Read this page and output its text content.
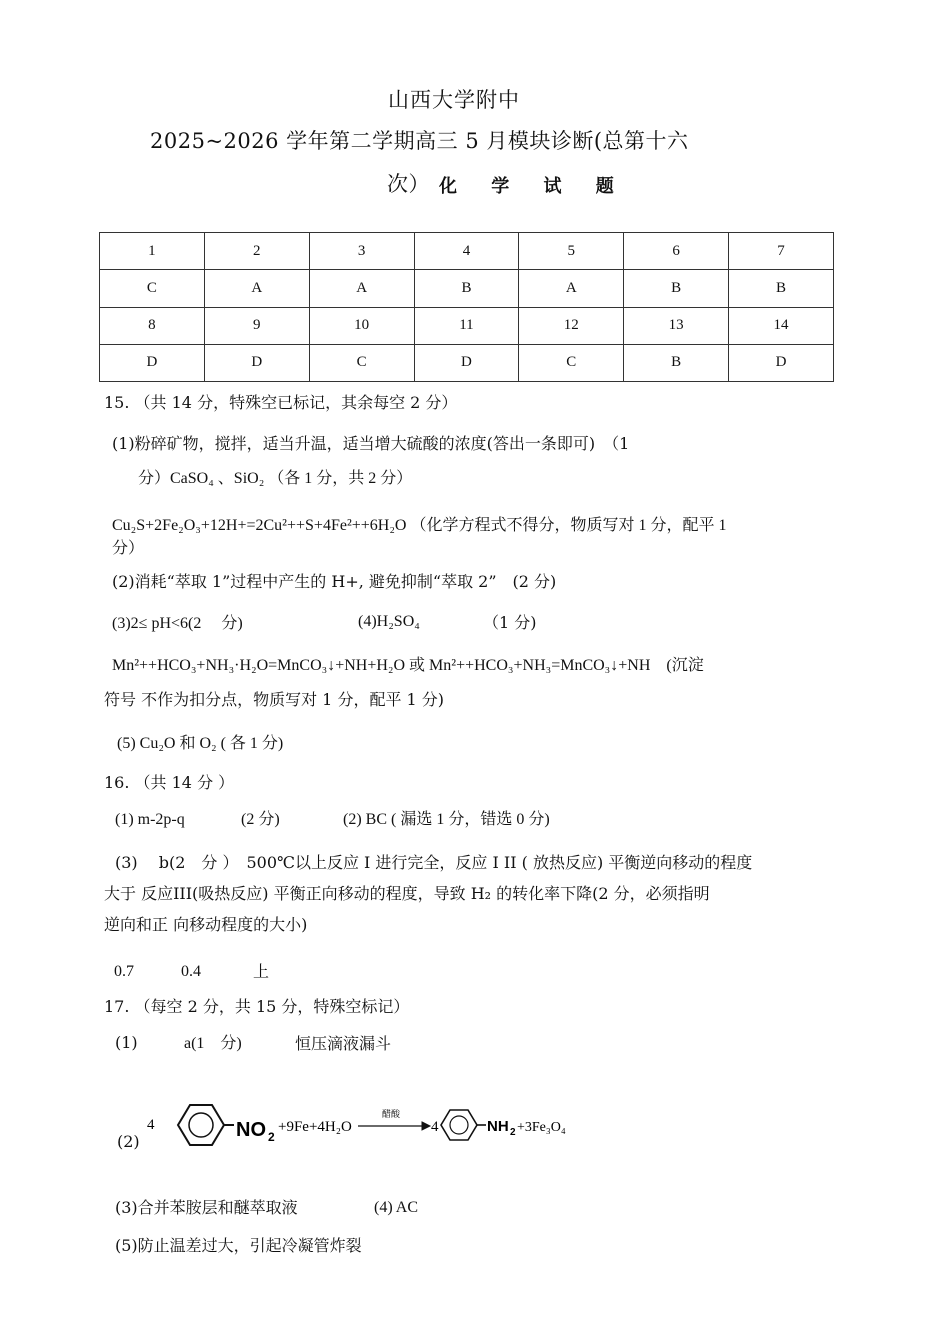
山西大学附中
2025~2026 学年第二学期高三 5 月模块诊断(总第十六
次） 化 学 试 题
1	2	3	4	5	6	7
C	A	A	B	A	B	B
8	9	10	11	12	13	14
D	D	C	D	C	B	D
15. （共 14 分，特殊空已标记，其余每空 2 分）
(1)粉碎矿物，搅拌，适当升温，适当增大硫酸的浓度(答出一条即可)　（1
分）CaSO₄ 、SiO₂ （各 1 分，共 2 分）
Cu₂S+2Fe₂O₃+12H+=2Cu²++S+4Fe²++6H₂O （化学方程式不得分，物质写对 1 分，配平 1
分）
(2)消耗“萃取 1”过程中产生的 H+, 避免抑制“萃取 2”　(2 分)
(3)2≤ pH<6(2　 分)	(4)H₂SO₄	（1 分)
Mn²++HCO₃+NH₃·H₂O=MnCO₃↓+NH+H₂O 或 Mn²++HCO₃+NH₃=MnCO₃↓+NH　(沉淀
符号 不作为扣分点，物质写对 1 分，配平 1 分)
(5) Cu₂O 和 O₂ ( 各 1 分)
16. （共 14 分 ）
(1) m-2p-q	(2 分)	(2) BC ( 漏选 1 分，错选 0 分)
(3)　 b(2　分 ）　500℃以上反应 I 进行完全，反应 I II ( 放热反应) 平衡逆向移动的程度
大于 反应III(吸热反应) 平衡正向移动的程度，导致 H₂ 的转化率下降(2 分，必须指明
逆向和正 向移动程度的大小)
0.7	0.4	上
17. （每空 2 分，共 15 分，特殊空标记）
(1)	a(1　分)	恒压滴液漏斗
(2)
4	NO 2
+9Fe+4H₂O
醋酸
4	NH 2 +3Fe₃O₄
(3)合并苯胺层和醚萃取液	(4) AC
(5)防止温差过大，引起冷凝管炸裂
